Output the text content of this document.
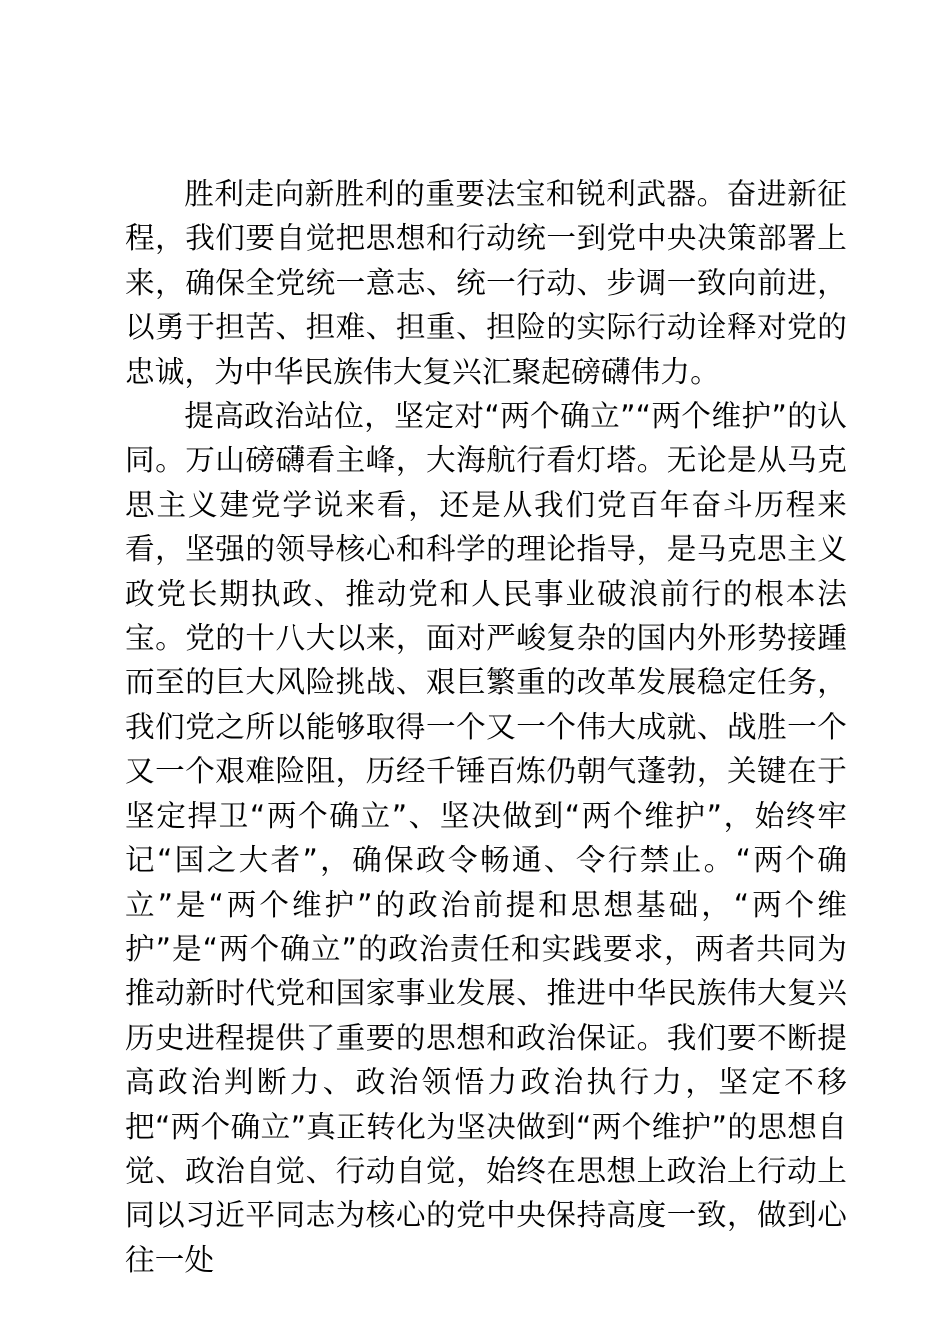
胜利走向新胜利的重要法宝和锐利武器。奋进新征程，我们要自觉把思想和行动统一到党中央决策部署上来，确保全党统一意志、统一行动、步调一致向前进，以勇于担苦、担难、担重、担险的实际行动诠释对党的忠诚，为中华民族伟大复兴汇聚起磅礴伟力。

提高政治站位，坚定对“两个确立”“两个维护”的认同。万山磅礴看主峰，大海航行看灯塔。无论是从马克思主义建党学说来看，还是从我们党百年奋斗历程来看，坚强的领导核心和科学的理论指导，是马克思主义政党长期执政、推动党和人民事业破浪前行的根本法宝。党的十八大以来，面对严峻复杂的国内外形势接踵而至的巨大风险挑战、艰巨繁重的改革发展稳定任务，我们党之所以能够取得一个又一个伟大成就、战胜一个又一个艰难险阻，历经千锤百炼仍朝气蓬勃，关键在于坚定捍卫“两个确立”、坚决做到“两个维护”，始终牢记“国之大者”，确保政令畅通、令行禁止。“两个确立”是“两个维护”的政治前提和思想基础，“两个维护”是“两个确立”的政治责任和实践要求，两者共同为推动新时代党和国家事业发展、推进中华民族伟大复兴历史进程提供了重要的思想和政治保证。我们要不断提高政治判断力、政治领悟力政治执行力，坚定不移把“两个确立”真正转化为坚决做到“两个维护”的思想自觉、政治自觉、行动自觉，始终在思想上政治上行动上同以习近平同志为核心的党中央保持高度一致，做到心往一处
